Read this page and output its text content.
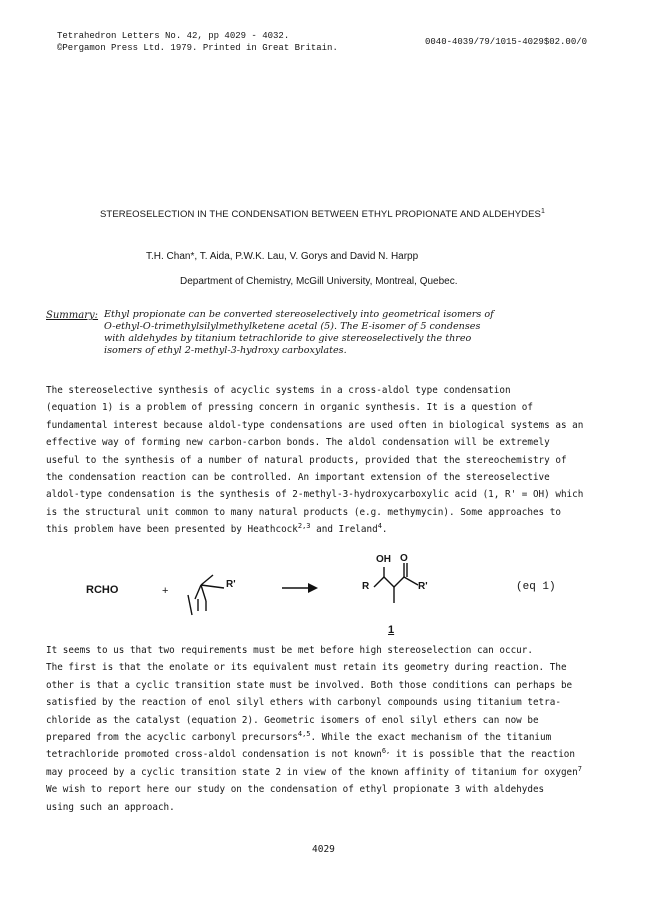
Tetrahedron Letters No. 42, pp 4029 - 4032.
©Pergamon Press Ltd. 1979. Printed in Great Britain.
0040-4039/79/1015-4029$02.00/0
STEREOSELECTION IN THE CONDENSATION BETWEEN ETHYL PROPIONATE AND ALDEHYDES$^1$
T.H. Chan*, T. Aida, P.W.K. Lau, V. Gorys and David N. Harpp
Department of Chemistry, McGill University, Montreal, Quebec.
Summary: Ethyl propionate can be converted stereoselectively into geometrical isomers of
O-ethyl-O-trimethylsilylmethylketene acetal (5). The E-isomer of 5 condenses
with aldehydes by titanium tetrachloride to give stereoselectively the threo
isomers of ethyl 2-methyl-3-hydroxy carboxylates.
The stereoselective synthesis of acyclic systems in a cross-aldol type condensation
(equation 1) is a problem of pressing concern in organic synthesis. It is a question of
fundamental interest because aldol-type condensations are used often in biological systems as an
effective way of forming new carbon-carbon bonds. The aldol condensation will be extremely
useful to the synthesis of a number of natural products, provided that the stereochemistry of
the condensation reaction can be controlled. An important extension of the stereoselective
aldol-type condensation is the synthesis of 2-methyl-3-hydroxycarboxylic acid (1, R' = OH) which
is the structural unit common to many natural products (e.g. methymycin). Some approaches to
this problem have been presented by Heathcock$^{2,3}$ and Ireland$^4$.
RCHO	+
R'	R
OH O
R'	(eq 1)
1
It seems to us that two requirements must be met before high stereoselection can occur.
The first is that the enolate or its equivalent must retain its geometry during reaction. The
other is that a cyclic transition state must be involved. Both those conditions can perhaps be
satisfied by the reaction of enol silyl ethers with carbonyl compounds using titanium tetra-
chloride as the catalyst (equation 2). Geometric isomers of enol silyl ethers can now be
prepared from the acyclic carbonyl precursors$^{4,5}$. While the exact mechanism of the titanium
tetrachloride promoted cross-aldol condensation is not known$^{6,}$ it is possible that the reaction
may proceed by a cyclic transition state 2 in view of the known affinity of titanium for oxygen$^7$
We wish to report here our study on the condensation of ethyl propionate 3 with aldehydes
using such an approach.
4029
